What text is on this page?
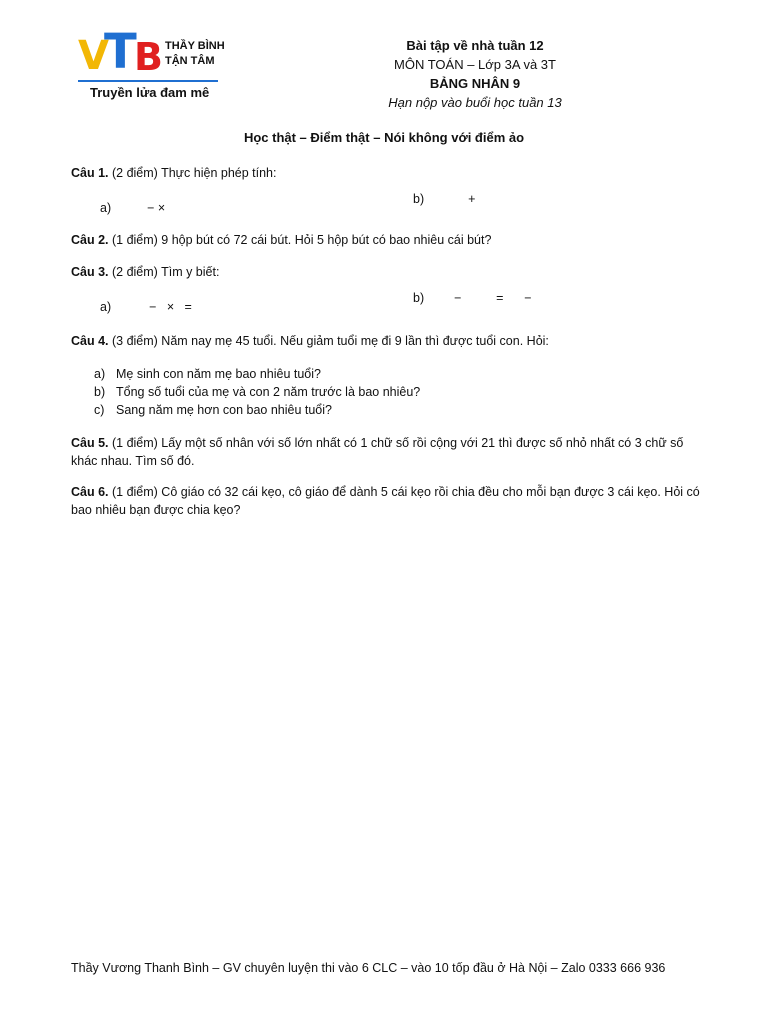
V
T
B THẦY BÌNH
TẬN TÂM
Truyền lửa đam mê
Bài tập về nhà tuần 12
MÔN TOÁN – Lớp 3A và 3T
BẢNG NHÂN 9
Hạn nộp vào buổi học tuần 13
Học thật – Điểm thật – Nói không với điểm ảo
Câu 1. (2 điểm) Thực hiện phép tính:
a)	− ×
b)	+
Câu 2. (1 điểm) 9 hộp bút có 72 cái bút. Hỏi 5 hộp bút có bao nhiêu cái bút?
Câu 3. (2 điểm) Tìm y biết:
a)	−   ×   =
b) −          =      −
Câu 4. (3 điểm) Năm nay mẹ 45 tuổi. Nếu giảm tuổi mẹ đi 9 lần thì được tuổi con. Hỏi:
a) Mẹ sinh con năm mẹ bao nhiêu tuổi?
b) Tổng số tuổi của mẹ và con 2 năm trước là bao nhiêu?
c) Sang năm mẹ hơn con bao nhiêu tuổi?
Câu 5. (1 điểm) Lấy một số nhân với số lớn nhất có 1 chữ số rồi cộng với 21 thì được số nhỏ nhất có 3 chữ số khác nhau. Tìm số đó.
Câu 6. (1 điểm) Cô giáo có 32 cái kẹo, cô giáo để dành 5 cái kẹo rồi chia đều cho mỗi bạn được 3 cái kẹo. Hỏi có bao nhiêu bạn được chia kẹo?
Thầy Vương Thanh Bình – GV chuyên luyện thi vào 6 CLC – vào 10 tốp đầu ở Hà Nội – Zalo 0333 666 936
